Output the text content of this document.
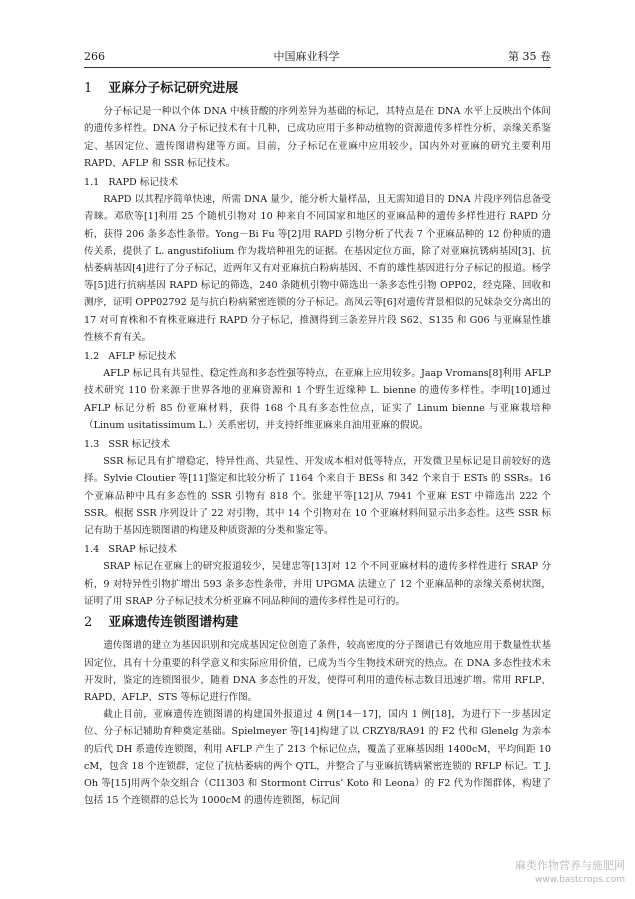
266	中国麻业科学	第 35 卷
1 亚麻分子标记研究进展

分子标记是一种以个体 DNA 中核苷酸的序列差异为基础的标记，其特点是在 DNA 水平上反映出个体间的遗传多样性。DNA 分子标记技术有十几种，已成功应用于多种动植物的资源遗传多样性分析、亲缘关系鉴定、基因定位、遗传图谱构建等方面。目前，分子标记在亚麻中应用较少，国内外对亚麻的研究主要利用 RAPD、AFLP 和 SSR 标记技术。

1.1 RAPD 标记技术

RAPD 以其程序简单快速，所需 DNA 量少，能分析大量样品，且无需知道目的 DNA 片段序列信息备受青睐。邓欣等[1]利用 25 个随机引物对 10 种来自不同国家和地区的亚麻品种的遗传多样性进行 RAPD 分析，获得 206 条多态性条带。Yong－Bi Fu 等[2]用 RAPD 引物分析了代表 7 个亚麻品种的 12 份种质的遗传关系，提供了 L. angustifolium 作为栽培种祖先的证据。在基因定位方面，除了对亚麻抗锈病基因[3]、抗枯萎病基因[4]进行了分子标记，近两年又有对亚麻抗白粉病基因、不育的雄性基因进行分子标记的报道。杨学等[5]进行抗病基因 RAPD 标记的筛选，240 条随机引物中筛选出一条多态性引物 OPP02，经克隆、回收和测序，证明 OPP02792 是与抗白粉病紧密连锁的分子标记。高凤云等[6]对遗传背景相似的兄妹杂交分离出的 17 对可育株和不育株亚麻进行 RAPD 分子标记，推测得到三条差异片段 S62、S135 和 G06 与亚麻显性雄性核不育有关。

1.2 AFLP 标记技术

AFLP 标记具有共显性、稳定性高和多态性强等特点，在亚麻上应用较多。Jaap Vromans[8]利用 AFLP 技术研究 110 份来源于世界各地的亚麻资源和 1 个野生近缘种 L. bienne 的遗传多样性。李明[10]通过 AFLP 标记分析 85 份亚麻材料，获得 168 个具有多态性位点，证实了 Linum bienne 与亚麻栽培种（Linum usitatissimum L.）关系密切，并支持纤维亚麻来自油用亚麻的假说。

1.3 SSR 标记技术

SSR 标记具有扩增稳定，特异性高、共显性、开发成本相对低等特点，开发微卫星标记是目前较好的选择。Sylvie Cloutier 等[11]鉴定和比较分析了 1164 个来自于 BESs 和 342 个来自于 ESTs 的 SSRs。16 个亚麻品种中具有多态性的 SSR 引物有 818 个。张建平等[12]从 7941 个亚麻 EST 中筛选出 222 个 SSR。根据 SSR 序列设计了 22 对引物，其中 14 个引物对在 10 个亚麻材料间显示出多态性。这些 SSR 标记有助于基因连锁图谱的构建及种质资源的分类和鉴定等。

1.4 SRAP 标记技术

SRAP 标记在亚麻上的研究报道较少，吴建忠等[13]对 12 个不同亚麻材料的遗传多样性进行 SRAP 分析，9 对特异性引物扩增出 593 条多态性条带，并用 UPGMA 法建立了 12 个亚麻品种的亲缘关系树状图，证明了用 SRAP 分子标记技术分析亚麻不同品种间的遗传多样性是可行的。

2 亚麻遗传连锁图谱构建

遗传图谱的建立为基因识别和完成基因定位创造了条件，较高密度的分子图谱已有效地应用于数量性状基因定位，具有十分重要的科学意义和实际应用价值，已成为当今生物技术研究的热点。在 DNA 多态性技术未开发时，鉴定的连锁图很少，随着 DNA 多态性的开发，使得可利用的遗传标志数目迅速扩增。常用 RFLP、RAPD、AFLP、STS 等标记进行作图。

截止目前，亚麻遗传连锁图谱的构建国外报道过 4 例[14－17]，国内 1 例[18]，为进行下一步基因定位、分子标记辅助育种奠定基础。Spielmeyer 等[14]构建了以 CRZY8/RA91 的 F2 代和 Glenelg 为亲本的后代 DH 系遗传连锁图，利用 AFLP 产生了 213 个标记位点，覆盖了亚麻基因组 1400cM，平均间距 10 cM，包含 18 个连锁群，定位了抗枯萎病的两个 QTL，并整合了与亚麻抗锈病紧密连锁的 RFLP 标记。T. J. Oh 等[15]用两个杂交组合（CI1303 和 Stormont Cirrus’ Koto 和 Leona）的 F2 代为作图群体，构建了包括 15 个连锁群的总长为 1000cM 的遗传连锁图，标记间

麻类作物营养与施肥网
www.bastcrops.com
